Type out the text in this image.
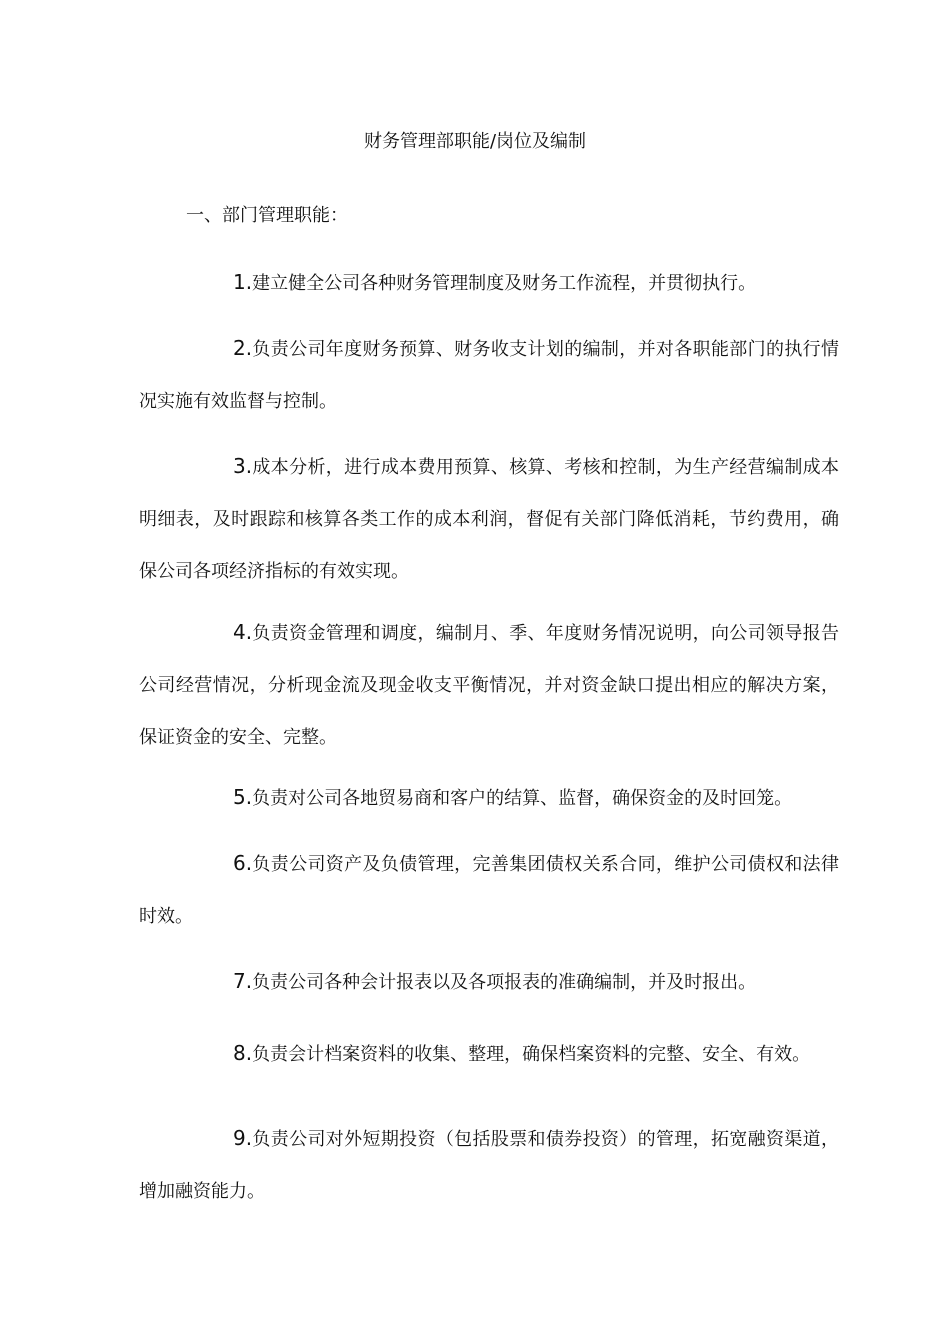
财务管理部职能/岗位及编制
一、部门管理职能：
1.建立健全公司各种财务管理制度及财务工作流程，并贯彻执行。
2.负责公司年度财务预算、财务收支计划的编制，并对各职能部门的执行情况实施有效监督与控制。
3.成本分析，进行成本费用预算、核算、考核和控制，为生产经营编制成本明细表，及时跟踪和核算各类工作的成本利润，督促有关部门降低消耗，节约费用，确保公司各项经济指标的有效实现。
4.负责资金管理和调度，编制月、季、年度财务情况说明，向公司领导报告公司经营情况，分析现金流及现金收支平衡情况，并对资金缺口提出相应的解决方案，保证资金的安全、完整。
5.负责对公司各地贸易商和客户的结算、监督，确保资金的及时回笼。
6.负责公司资产及负债管理，完善集团债权关系合同，维护公司债权和法律时效。
7.负责公司各种会计报表以及各项报表的准确编制，并及时报出。
8.负责会计档案资料的收集、整理，确保档案资料的完整、安全、有效。
9.负责公司对外短期投资（包括股票和债券投资）的管理，拓宽融资渠道，增加融资能力。
